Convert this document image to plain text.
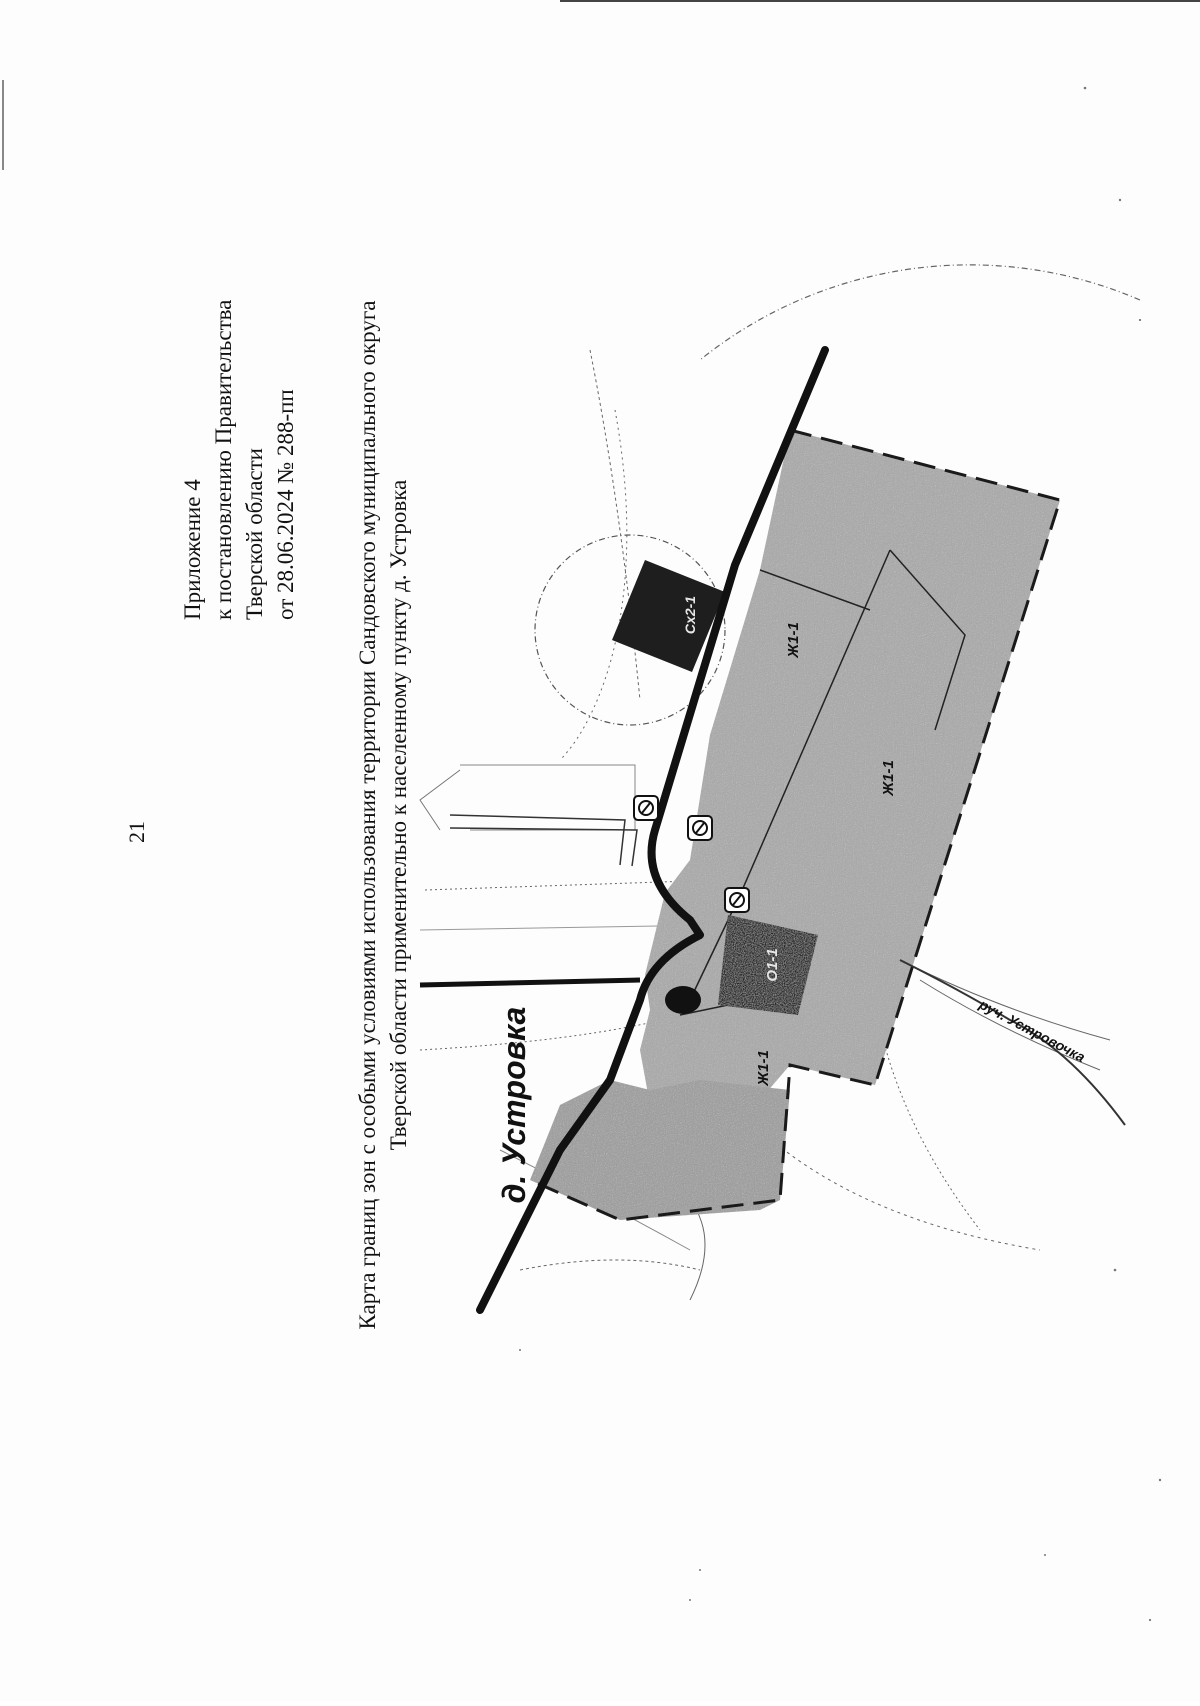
21
Приложение 4 к постановлению Правительства Тверской области от 28.06.2024 № 288-пп Карта границ зон с особыми условиями использования территории Сандовского муниципального округа Тверской области применительно к населенному пункту д. Устровка	д. Устровка
Ж1-1
Ж1-1
Ж1-1
О1-1
Сх2-1
руч. Устровочка
